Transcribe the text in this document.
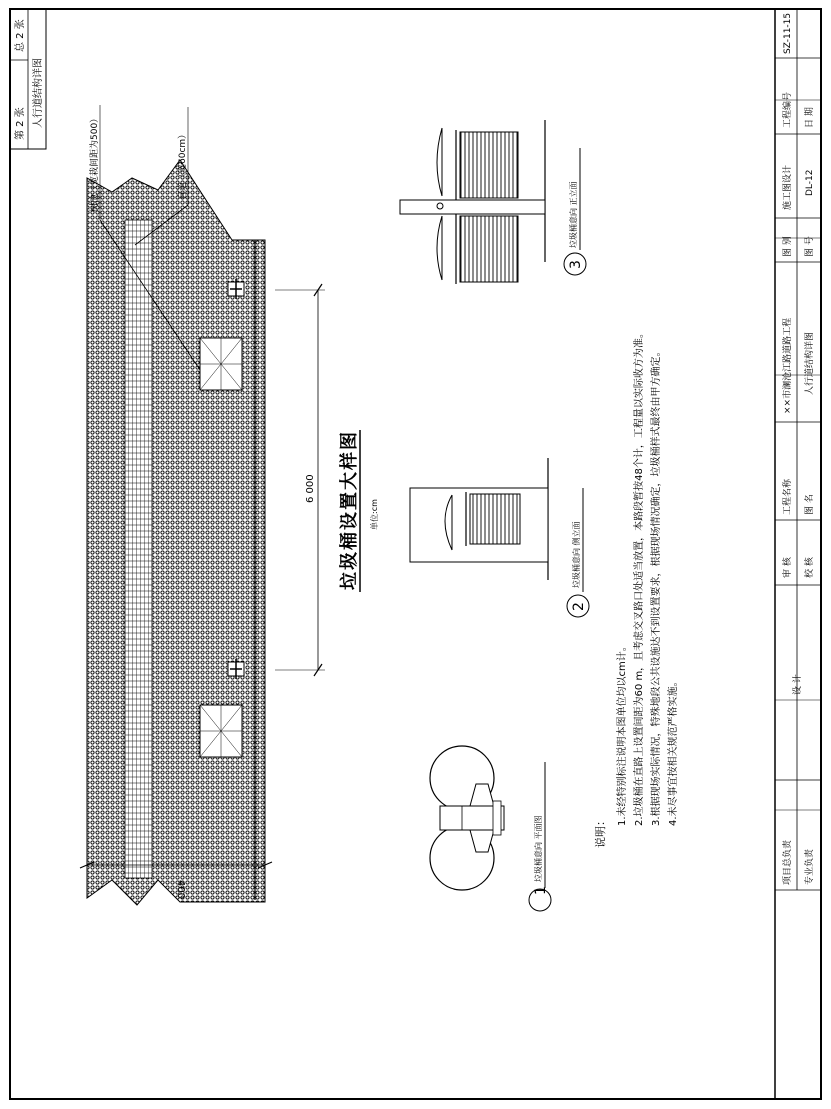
总 2 张
第 2 张 人行道结构详图
树池（宽栽间距为500）	盲道（宽60cm）
400
6 000 垃圾桶设置大样图 单位:cm
1
垃圾桶意向 平面图
2
垃圾桶意向 侧立面
3
垃圾桶意向 正立面
说明：
1.未经特别标注说明本图单位均以cm计。 2.垃圾桶在直路上设置间距为60 m，且考虑交叉路口处适当放置，本路段暂按48个计，工程量以实际收方为准。 3.根据现场实际情况，特殊地段公共设施达不到设置要求，根据现场情况确定，垃圾桶样式最终由甲方确定。 4.未尽事宜按相关规范严格实施。
项目总负责 专业负责
设 计
审 核 校 核
工程名称 图 名
××市澜沧江路道路工程 人行道结构详图
图 别 图 号
施工图设计 DL-12
工程编号 日 期
SZ-11-15
